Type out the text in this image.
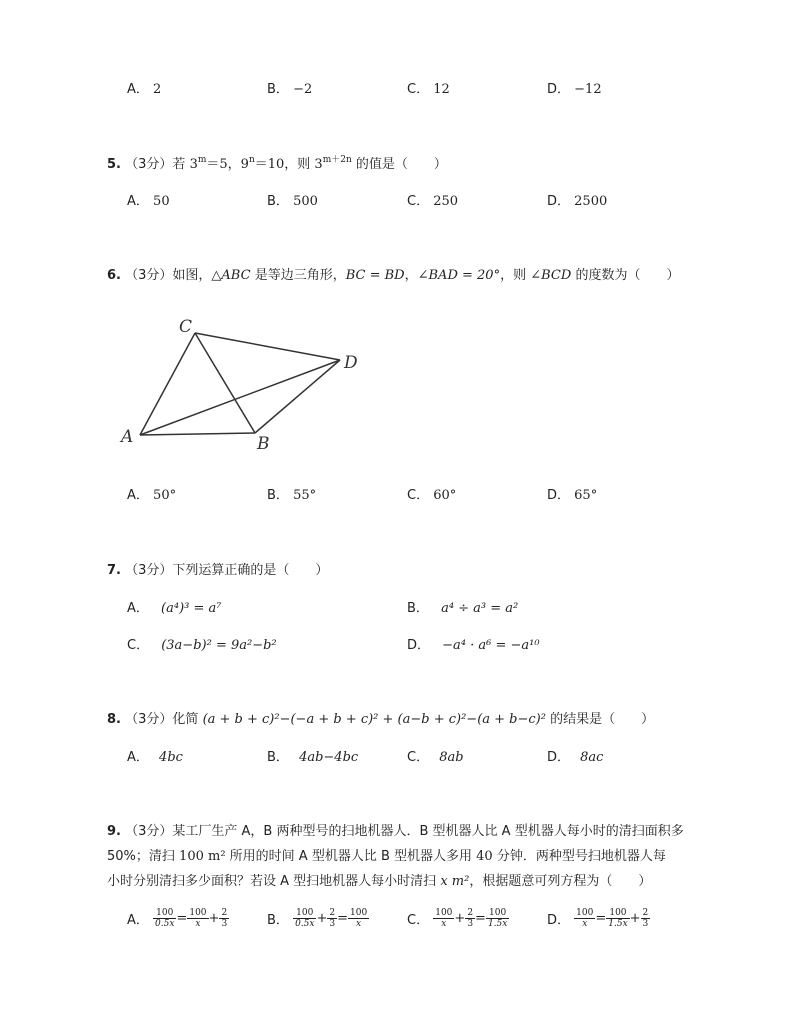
A． 2	B． −2	C． 12	D． −12
5. （3分）若 $3^m=5$，$9^n=10$，则 $3^{m+2n}$ 的值是（　　）
A． 50	B． 500	C． 250	D． 2500
6. （3分）如图，△ABC 是等边三角形，BC = BD，∠BAD = 20°，则 ∠BCD 的度数为（　　）
A	B
C
D
A． 50°	B． 55°	C． 60°	D． 65°
7. （3分）下列运算正确的是（　　）
A． (a⁴)³ = a⁷	B． a⁴ ÷ a³ = a²
C． (3a−b)² = 9a²−b²	D． −a⁴ · a⁶ = −a¹⁰
8. （3分）化简 (a + b + c)²−(−a + b + c)² + (a−b + c)²−(a + b−c)² 的结果是（　　）
A． 4bc	B． 4ab−4bc	C． 8ab	D． 8ac
9. （3分）某工厂生产 A，B 两种型号的扫地机器人．B 型机器人比 A 型机器人每小时的清扫面积多
50%；清扫 100 m² 所用的时间 A 型机器人比 B 型机器人多用 40 分钟．两种型号扫地机器人每
小时分别清扫多少面积？若设 A 型扫地机器人每小时清扫 x m²，根据题意可列方程为（　　）
A． $\frac{100}{0.5x} = \frac{100}{x} + \frac{2}{3}$	B． $\frac{100}{0.5x} + \frac{2}{3} = \frac{100}{x}$	C． $\frac{100}{x} + \frac{2}{3} = \frac{100}{1.5x}$	D． $\frac{100}{x} = \frac{100}{1.5x} + \frac{2}{3}$
